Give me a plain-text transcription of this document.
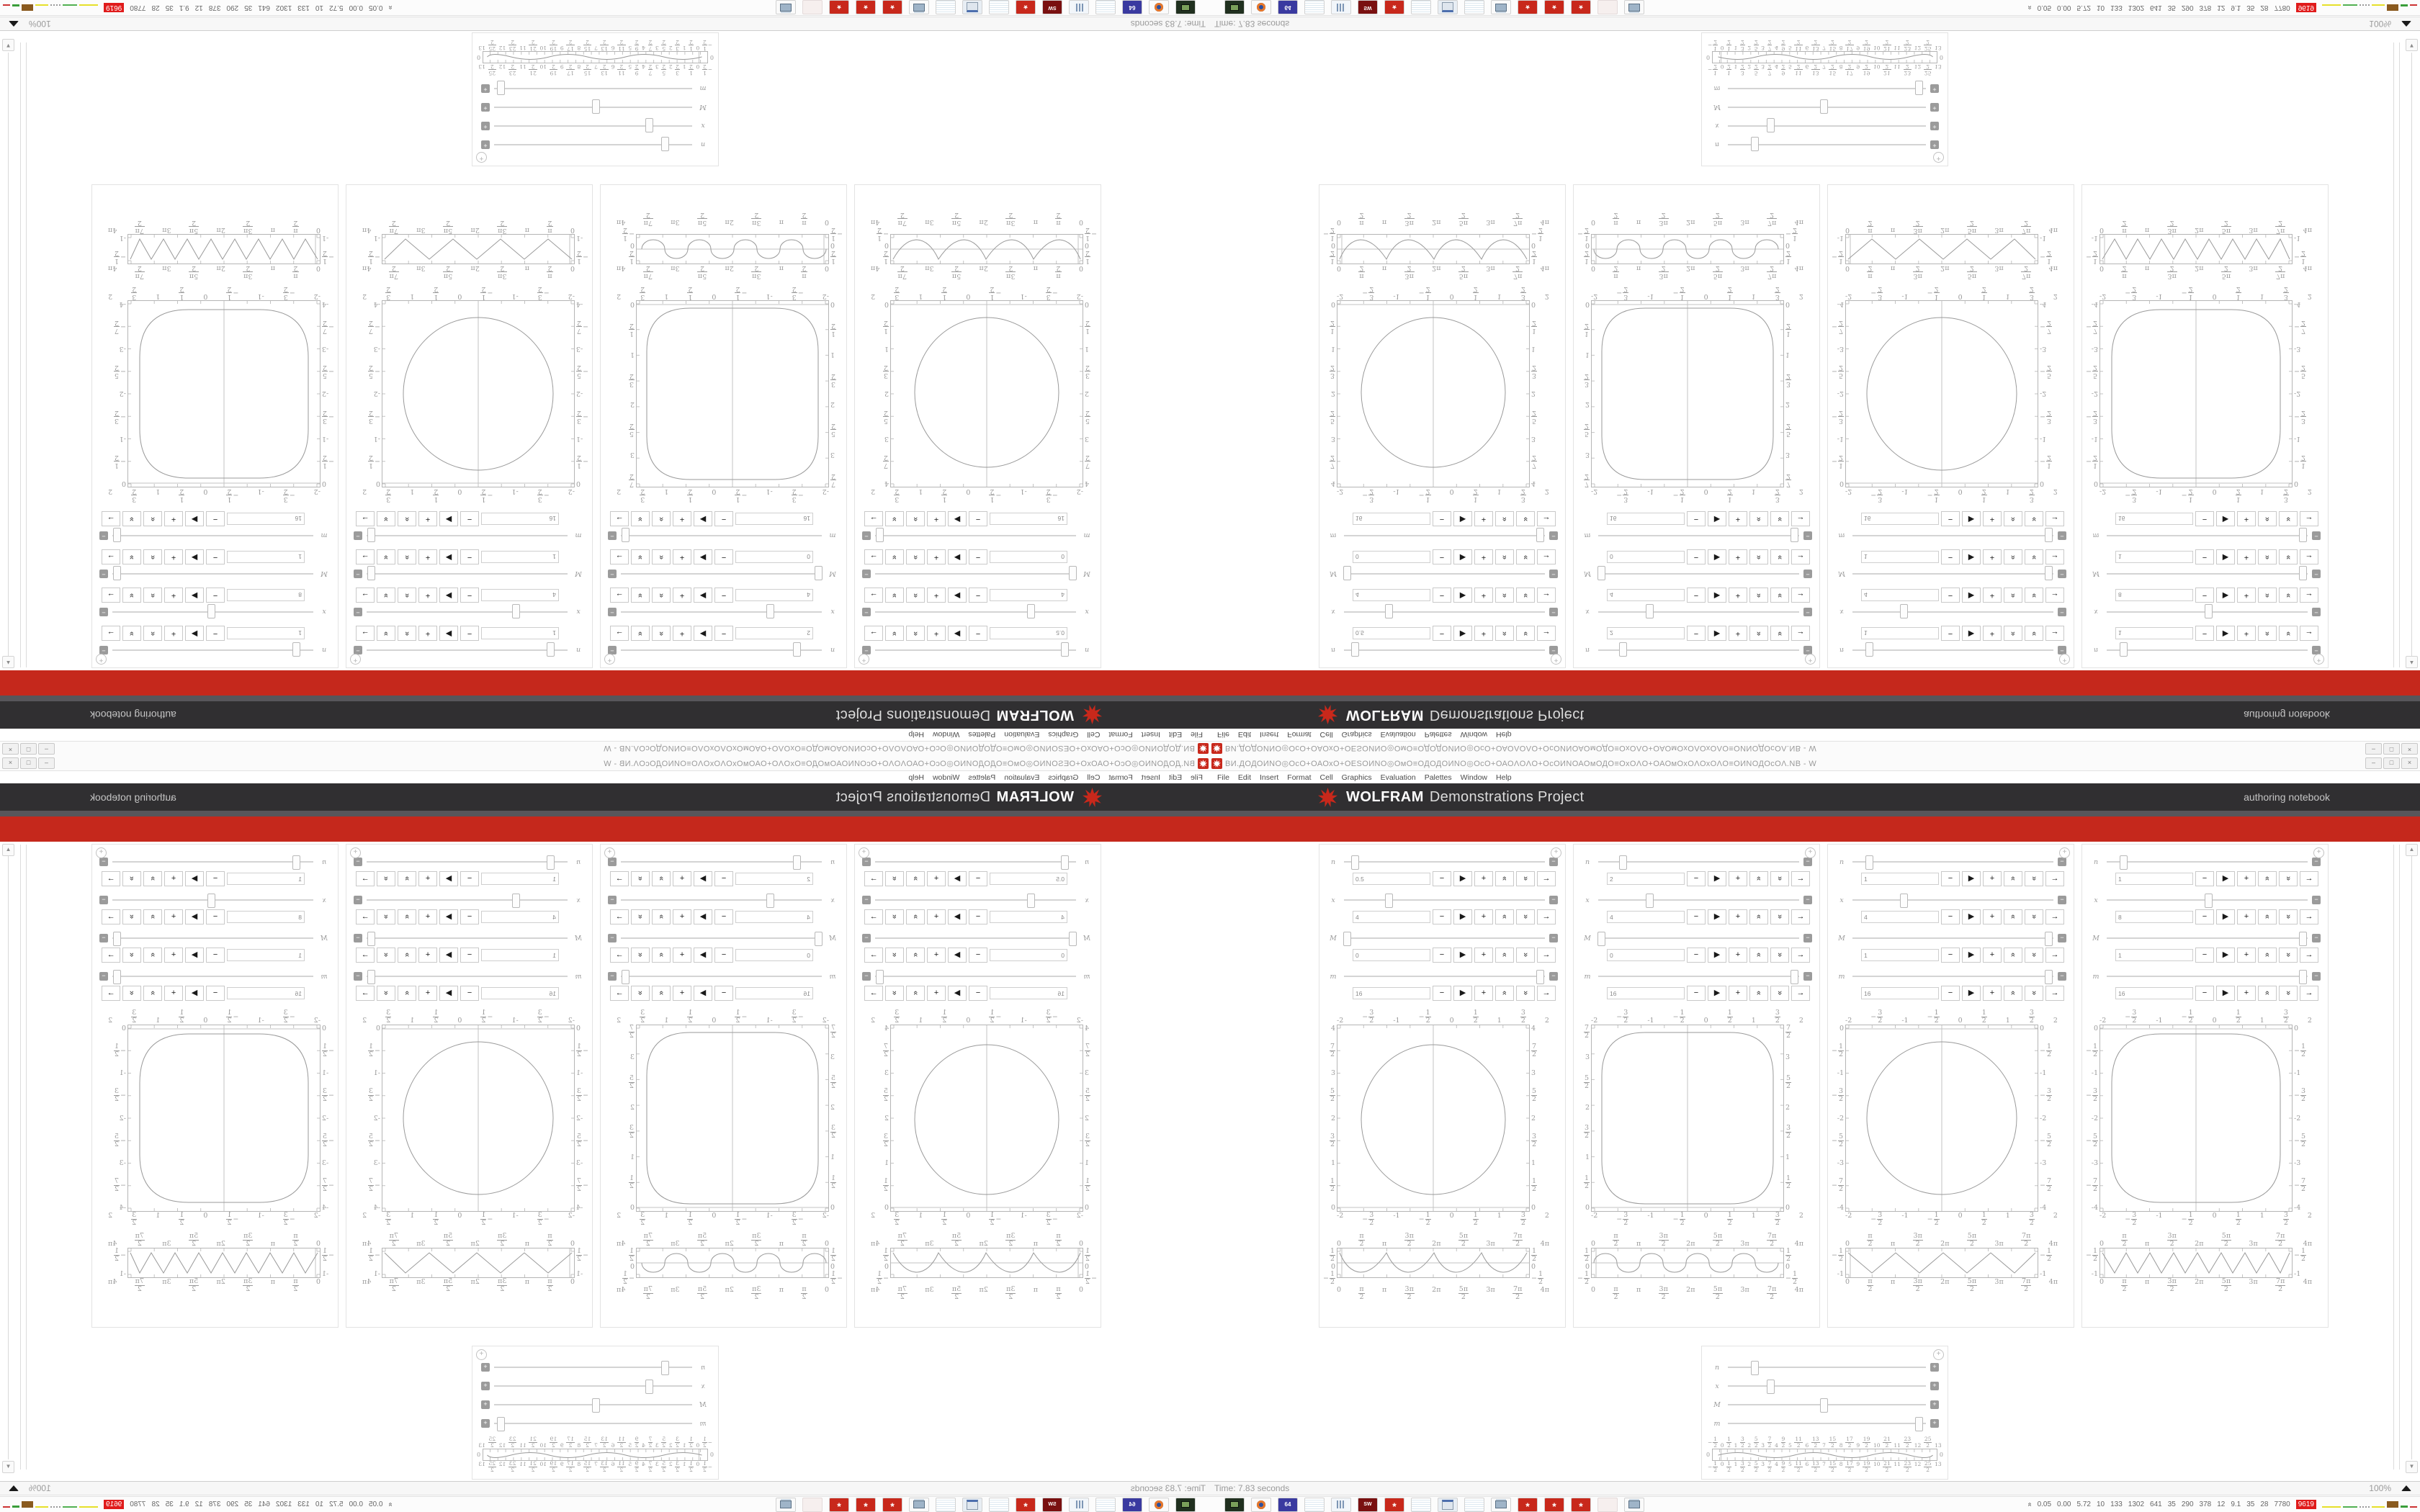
ВИ.ДОДОИNО◎ОсО+ОАОхО+ОЕЅОИNО◎ОмО≡ОДОДОИNО◎ОсО+ОАОΛОΛО+ОсОИNОАОмОДО≡ОхОΛО+ОАОмОхОΛОхОΛО≡ОИNОДОсОΛ.NB - W	–	□	×
File	Edit	Insert	Format	Cell	Graphics	Evaluation	Palettes	Window	Help
WOLFRAM Demonstrations Project	authoring notebook
▲
▼
+
n	−
0.5
−	▶	+	»	»	→
x	−
4
−	▶	+	»	»	→
M	−
0
−	▶	+	»	»	→
m	−
16
−	▶	+	»	»	→
-2	− $\frac{3}{2}$	-1	− $\frac{1}{2}$	0
1
2	1
3
2	2
4
7
2
3
5
2
2
3
2
1
1
2
0
4
7
2
3
5
2
2
3
2
1
1
2
0
-2	− $\frac{3}{2}$	-1	− $\frac{1}{2}$	0	1
2
1	3
2
2
0
π
2	π
3π
2	2π
5π
2	3π
7π
2	4π
1
2
0
− $\frac{1}{2}$
1
2
0
− $\frac{1}{2}$
0	π
2
π	3π
2
2π	5π
2
3π	7π
2
4π
+
n	−
2
−	▶	+	»	»	→
x	−
4
−	▶	+	»	»	→
M	−
0
−	▶	+	»	»	→
m	−
16
−	▶	+	»	»	→
-2	− $\frac{3}{2}$	-1	− $\frac{1}{2}$	0
1
2	1
3
2	2
7
2
3
5
2
2
3
2
1
1
2
0
7
2
3
5
2
2
3
2
1
1
2
0
-2	− $\frac{3}{2}$	-1	− $\frac{1}{2}$	0	1
2
1	3
2
2
0
π
2	π
3π
2	2π
5π
2	3π
7π
2	4π
1
2
0
− $\frac{1}{2}$
1
2
0
− $\frac{1}{2}$
0	π
2
π	3π
2
2π	5π
2
3π	7π
2
4π
+
n	−
1
−	▶	+	»	»	→
x	−
4
−	▶	+	»	»	→
M	−
1
−	▶	+	»	»	→
m	−
16
−	▶	+	»	»	→
-2	− $\frac{3}{2}$	-1	− $\frac{1}{2}$	0
1
2	1
3
2	2
0
− $\frac{1}{2}$
-1
− $\frac{3}{2}$
-2
− $\frac{5}{2}$
-3
− $\frac{7}{2}$
-4
0
− $\frac{1}{2}$
-1
− $\frac{3}{2}$
-2
− $\frac{5}{2}$
-3
− $\frac{7}{2}$
-4
-2	− $\frac{3}{2}$	-1	− $\frac{1}{2}$	0	1
2
1	3
2
2
0
π
2	π
3π
2	2π
5π
2	3π
7π
2	4π
− $\frac{1}{2}$
-1
− $\frac{1}{2}$
-1
0	π
2
π	3π
2
2π	5π
2
3π	7π
2
4π
+
n	−
1
−	▶	+	»	»	→
x	−
8
−	▶	+	»	»	→
M	−
1
−	▶	+	»	»	→
m	−
16
−	▶	+	»	»	→
-2	− $\frac{3}{2}$	-1	− $\frac{1}{2}$	0
1
2	1
3
2	2
0
− $\frac{1}{2}$
-1
− $\frac{3}{2}$
-2
− $\frac{5}{2}$
-3
− $\frac{7}{2}$
-4
0
− $\frac{1}{2}$
-1
− $\frac{3}{2}$
-2
− $\frac{5}{2}$
-3
− $\frac{7}{2}$
-4
-2	− $\frac{3}{2}$	-1	− $\frac{1}{2}$	0	1
2
1	3
2
2
0
π
2	π
3π
2	2π
5π
2	3π
7π
2	4π
− $\frac{1}{2}$
-1
− $\frac{1}{2}$
-1
0	π
2
π	3π
2
2π	5π
2
3π	7π
2
4π
+
n	+
x	+
M	+
m	+
− $\frac{1}{2} 0$
1
2 1
3
2 2
5
2 3
7
2 4
9
2 5
11
2 6
13
2 7
15
2 8
17
2 9
19
2 10
21
2 11
23
2 12
25
2 13
0	0
− $\frac{1}{2} 0$ 1
2
1 3
2
2 5
2
3 7
2
4 9
2
5 11
2
6 13
2
7 15
2
8 17
2
9 19
2
10 21
2
11 23
2
12 25
2
13
Time: 7.83 seconds	100%
64	SW * * * *	» 0.05 0.00 5.72 10 133 1302 641 35 290 378 12 9.1 35 28 7780	9619
ВИ.ДОДОИNО◎ОсО+ОАОхО+ОЕЅОИNО◎ОмО≡ОДОДОИNО◎ОсО+ОАОΛОΛО+ОсОИNОАОмОДО≡ОхОΛО+ОАОмОхОΛОхОΛО≡ОИNОДОсОΛ.NB - W	–	□	×
File	Edit	Insert	Format	Cell	Graphics	Evaluation	Palettes	Window	Help
WOLFRAM Demonstrations Project	authoring notebook
▲
▼
+
n	−
0.5
−	▶	+	»	»	→
x	−
4
−	▶	+	»	»	→
M	−
0
−	▶	+	»	»	→
m	−
16
−	▶	+	»	»	→
-2	−
3
2	-1	−
1
2	0
1
2	1
3
2	2
4
7
2
3
5
2
2
3
2
1
1
2
0
4
7
2
3
5
2
2
3
2
1
1
2
0
-2	−
3
2
-1	−
1
2
0	1
2
1	3
2
2
0
π
2	π
3π
2	2π
5π
2	3π
7π
2	4π
1
2
0
−
1
2
1
2
0
−
1
2
0	π
2
π	3π
2
2π	5π
2
3π	7π
2
4π
+
n	−
2
−	▶	+	»	»	→
x	−
4
−	▶	+	»	»	→
M	−
0
−	▶	+	»	»	→
m	−
16
−	▶	+	»	»	→
-2	−
3
2	-1	−
1
2	0
1
2	1
3
2	2
7
2
3
5
2
2
3
2
1
1
2
0
7
2
3
5
2
2
3
2
1
1
2
0
-2	−
3
2
-1	−
1
2
0	1
2
1	3
2
2
0
π
2	π
3π
2	2π
5π
2	3π
7π
2	4π
1
2
0
−
1
2
1
2
0
−
1
2
0	π
2
π	3π
2
2π	5π
2
3π	7π
2
4π
+
n	−
1
−	▶	+	»	»	→
x	−
4
−	▶	+	»	»	→
M	−
1
−	▶	+	»	»	→
m	−
16
−	▶	+	»	»	→
-2	−
3
2	-1	−
1
2	0
1
2	1
3
2	2
0
−
1
2
-1
−
3
2
-2
−
5
2
-3
−
7
2
-4
0
−
1
2
-1
−
3
2
-2
−
5
2
-3
−
7
2
-4
-2	−
3
2
-1	−
1
2
0	1
2
1	3
2
2
0
π
2	π
3π
2	2π
5π
2	3π
7π
2	4π
−
1
2
-1
−
1
2
-1
0	π
2
π	3π
2
2π	5π
2
3π	7π
2
4π
+
n	−
1
−	▶	+	»	»	→
x	−
8
−	▶	+	»	»	→
M	−
1
−	▶	+	»	»	→
m	−
16
−	▶	+	»	»	→
-2	−
3
2	-1	−
1
2	0
1
2	1
3
2	2
0
−
1
2
-1
−
3
2
-2
−
5
2
-3
−
7
2
-4
0
−
1
2
-1
−
3
2
-2
−
5
2
-3
−
7
2
-4
-2	−
3
2
-1	−
1
2
0	1
2
1	3
2
2
0
π
2	π
3π
2	2π
5π
2	3π
7π
2	4π
−
1
2
-1
−
1
2
-1
0	π
2
π	3π
2
2π	5π
2
3π	7π
2
4π
+
n	+
x	+
M	+
m	+
−
1
2 0
1
2 1
3
2 2
5
2 3
7
2 4
9
2 5
11
2 6
13
2 7
15
2 8
17
2 9
19
2 10
21
2 11
23
2 12
25
2 13
0	0
−
1
2
0 1
2
1 3
2
2 5
2
3 7
2
4 9
2
5 11
2
6 13
2
7 15
2
8 17
2
9 19
2
10 21
2
11 23
2
12 25
2
13
Time: 7.83 seconds	100%
64	SW * * * *	» 0.05 0.00 5.72 10 133 1302 641 35 290 378 12 9.1 35 28 7780	9619
ВИ.ДОДОИNО◎ОсО+ОАОхО+ОЕЅОИNО◎ОмО≡ОДОДОИNО◎ОсО+ОАОΛОΛО+ОсОИNОАОмОДО≡ОхОΛО+ОАОмОхОΛОхОΛО≡ОИNОДОсОΛ.NB - W
–
□
×
File
Edit
Insert
Format
Cell
Graphics
Evaluation
Palettes
Window
Help
WOLFRAM
Demonstrations Project
authoring notebook
▲
▼
+
n
−
0.5
−
▶
+
»
»
→
x
−
4
−
▶
+
»
»
→
M
−
0
−
▶
+
»
»
→
m
−
16
−
▶
+
»
»
→
-2
−
$\frac{3}{2}$
-1
−
$\frac{1}{2}$
0
1
2
1
3
2
2
4
7
2
3
5
2
2
3
2
1
1
2
0
4
7
2
3
5
2
2
3
2
1
1
2
0
-2
−
$\frac{3}{2}$
-1
−
$\frac{1}{2}$
0
1
2
1
3
2
2
0
π
2
π
3π
2
2π
5π
2
3π
7π
2
4π
1
2
0
−
$\frac{1}{2}$
1
2
0
−
$\frac{1}{2}$
0
π
2
π
3π
2
2π
5π
2
3π
7π
2
4π
+
n
−
2
−
▶
+
»
»
→
x
−
4
−
▶
+
»
»
→
M
−
0
−
▶
+
»
»
→
m
−
16
−
▶
+
»
»
→
-2
−
$\frac{3}{2}$
-1
−
$\frac{1}{2}$
0
1
2
1
3
2
2
7
2
3
5
2
2
3
2
1
1
2
0
7
2
3
5
2
2
3
2
1
1
2
0
-2
−
$\frac{3}{2}$
-1
−
$\frac{1}{2}$
0
1
2
1
3
2
2
0
π
2
π
3π
2
2π
5π
2
3π
7π
2
4π
1
2
0
−
$\frac{1}{2}$
1
2
0
−
$\frac{1}{2}$
0
π
2
π
3π
2
2π
5π
2
3π
7π
2
4π
+
n
−
1
−
▶
+
»
»
→
x
−
4
−
▶
+
»
»
→
M
−
1
−
▶
+
»
»
→
m
−
16
−
▶
+
»
»
→
-2
−
$\frac{3}{2}$
-1
−
$\frac{1}{2}$
0
1
2
1
3
2
2
0
−
$\frac{1}{2}$
-1
−
$\frac{3}{2}$
-2
−
$\frac{5}{2}$
-3
−
$\frac{7}{2}$
-4
0
−
$\frac{1}{2}$
-1
−
$\frac{3}{2}$
-2
−
$\frac{5}{2}$
-3
−
$\frac{7}{2}$
-4
-2
−
$\frac{3}{2}$
-1
−
$\frac{1}{2}$
0
1
2
1
3
2
2
0
π
2
π
3π
2
2π
5π
2
3π
7π
2
4π
−
$\frac{1}{2}$
-1
−
$\frac{1}{2}$
-1
0
π
2
π
3π
2
2π
5π
2
3π
7π
2
4π
+
n
−
1
−
▶
+
»
»
→
x
−
8
−
▶
+
»
»
→
M
−
1
−
▶
+
»
»
→
m
−
16
−
▶
+
»
»
→
-2
−
$\frac{3}{2}$
-1
−
$\frac{1}{2}$
0
1
2
1
3
2
2
0
−
$\frac{1}{2}$
-1
−
$\frac{3}{2}$
-2
−
$\frac{5}{2}$
-3
−
$\frac{7}{2}$
-4
0
−
$\frac{1}{2}$
-1
−
$\frac{3}{2}$
-2
−
$\frac{5}{2}$
-3
−
$\frac{7}{2}$
-4
-2
−
$\frac{3}{2}$
-1
−
$\frac{1}{2}$
0
1
2
1
3
2
2
0
π
2
π
3π
2
2π
5π
2
3π
7π
2
4π
−
$\frac{1}{2}$
-1
−
$\frac{1}{2}$
-1
0
π
2
π
3π
2
2π
5π
2
3π
7π
2
4π
+
n
+
x
+
M
+
m
+
−
$\frac{1}{2}$
0
1
2
1
3
2
2
5
2
3
7
2
4
9
2
5
11
2
6
13
2
7
15
2
8
17
2
9
19
2
10
21
2
11
23
2
12
25
2
13
0
0
−
$\frac{1}{2}$
0
1
2
1
3
2
2
5
2
3
7
2
4
9
2
5
11
2
6
13
2
7
15
2
8
17
2
9
19
2
10
21
2
11
23
2
12
25
2
13
Time: 7.83 seconds
100%
64
SW
*
*
*
*
»
0.05
0.00
5.72
10
133
1302
641
35
290
378
12
9.1
35
28
7780
9619
ВИ.ДОДОИNО◎ОсО+ОАОхО+ОЕЅОИNО◎ОмО≡ОДОДОИNО◎ОсО+ОАОΛОΛО+ОсОИNОАОмОДО≡ОхОΛО+ОАОмОхОΛОхОΛО≡ОИNОДОсОΛ.NB - W
–
□
×
File
Edit
Insert
Format
Cell
Graphics
Evaluation
Palettes
Window
Help
WOLFRAM
Demonstrations Project
authoring notebook
▲
▼
+
n
−
0.5
−
▶
+
»
»
→
x
−
4
−
▶
+
»
»
→
M
−
0
−
▶
+
»
»
→
m
−
16
−
▶
+
»
»
→
-2
−
3
2
-1
−
1
2
0
1
2
1
3
2
2
4
7
2
3
5
2
2
3
2
1
1
2
0
4
7
2
3
5
2
2
3
2
1
1
2
0
-2
−
3
2
-1
−
1
2
0
1
2
1
3
2
2
0
π
2
π
3π
2
2π
5π
2
3π
7π
2
4π
1
2
0
−
1
2
1
2
0
−
1
2
0
π
2
π
3π
2
2π
5π
2
3π
7π
2
4π
+
n
−
2
−
▶
+
»
»
→
x
−
4
−
▶
+
»
»
→
M
−
0
−
▶
+
»
»
→
m
−
16
−
▶
+
»
»
→
-2
−
3
2
-1
−
1
2
0
1
2
1
3
2
2
7
2
3
5
2
2
3
2
1
1
2
0
7
2
3
5
2
2
3
2
1
1
2
0
-2
−
3
2
-1
−
1
2
0
1
2
1
3
2
2
0
π
2
π
3π
2
2π
5π
2
3π
7π
2
4π
1
2
0
−
1
2
1
2
0
−
1
2
0
π
2
π
3π
2
2π
5π
2
3π
7π
2
4π
+
n
−
1
−
▶
+
»
»
→
x
−
4
−
▶
+
»
»
→
M
−
1
−
▶
+
»
»
→
m
−
16
−
▶
+
»
»
→
-2
−
3
2
-1
−
1
2
0
1
2
1
3
2
2
0
−
1
2
-1
−
3
2
-2
−
5
2
-3
−
7
2
-4
0
−
1
2
-1
−
3
2
-2
−
5
2
-3
−
7
2
-4
-2
−
3
2
-1
−
1
2
0
1
2
1
3
2
2
0
π
2
π
3π
2
2π
5π
2
3π
7π
2
4π
−
1
2
-1
−
1
2
-1
0
π
2
π
3π
2
2π
5π
2
3π
7π
2
4π
+
n
−
1
−
▶
+
»
»
→
x
−
8
−
▶
+
»
»
→
M
−
1
−
▶
+
»
»
→
m
−
16
−
▶
+
»
»
→
-2
−
3
2
-1
−
1
2
0
1
2
1
3
2
2
0
−
1
2
-1
−
3
2
-2
−
5
2
-3
−
7
2
-4
0
−
1
2
-1
−
3
2
-2
−
5
2
-3
−
7
2
-4
-2
−
3
2
-1
−
1
2
0
1
2
1
3
2
2
0
π
2
π
3π
2
2π
5π
2
3π
7π
2
4π
−
1
2
-1
−
1
2
-1
0
π
2
π
3π
2
2π
5π
2
3π
7π
2
4π
+
n
+
x
+
M
+
m
+
−
1
2
0
1
2
1
3
2
2
5
2
3
7
2
4
9
2
5
11
2
6
13
2
7
15
2
8
17
2
9
19
2
10
21
2
11
23
2
12
25
2
13
0
0
−
1
2
0
1
2
1
3
2
2
5
2
3
7
2
4
9
2
5
11
2
6
13
2
7
15
2
8
17
2
9
19
2
10
21
2
11
23
2
12
25
2
13
Time: 7.83 seconds
100%
64
SW
*
*
*
*
»
0.05
0.00
5.72
10
133
1302
641
35
290
378
12
9.1
35
28
7780
9619
